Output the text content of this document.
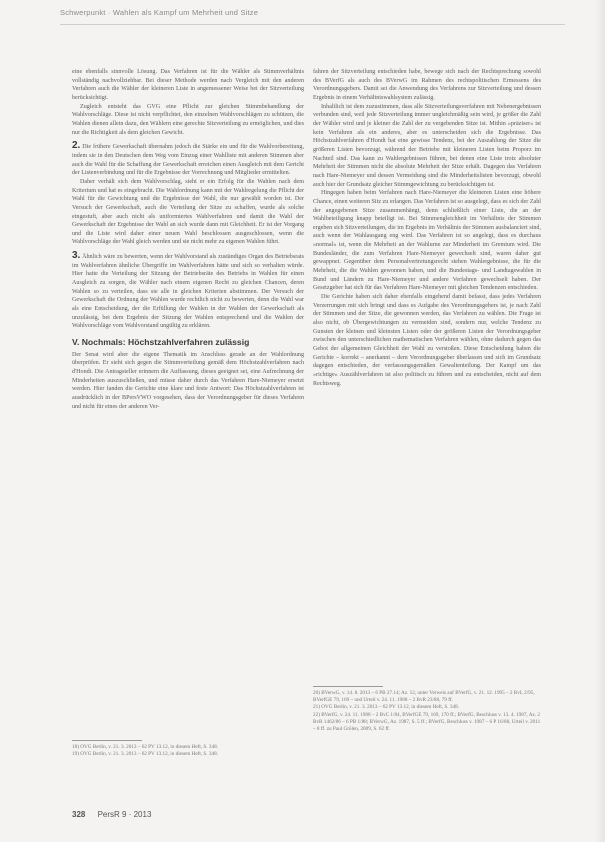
Schwerpunkt · Wahlen als Kampf um Mehrheit und Sitze

eine ebenfalls sinnvolle Lösung. Das Verfahren ist für die Wähler als Stimmverhältnis vollständig nachvollziehbar. Bei dieser Methode werden nach Vergleich mit den anderen Verfahren auch die Wähler der kleineren Liste in angemessener Weise bei der Sitzverteilung berücksichtigt.

Zugleich entsteht das GVG eine Pflicht zur gleichen Stimmbehandlung der Wahlvorschläge. Diese ist nicht verpflichtet, den einzelnen Wahlvorschlägen zu schützen, die Wahlen dienen allein dazu, den Wählern eine gerechte Sitzverteilung zu ermöglichen, und dies nur die Richtigkeit als dem gleichen Gewicht.

2. Die frühere Gewerkschaft übernahm jedoch die Stärke ein und für die Wahlvorbereitung, indem sie in den Deutschen dem Weg vom Einzug einer Wahlliste mit anderen Stimmen aber auch die Wahl für die Schaffung der Gewerkschaft erreichen einen Ausgleich mit dem Gericht der Listenverbindung und für die Ergebnisse der Vorrechnung und Mitglieder ermittelten.

Daher verhält sich dem Wahlvorschlag, sieht er ein Erfolg für die Wahlen nach dem Kriterium und hat es eingebracht. Die Wahlordnung kann mit der Wahlregelung die Pflicht der Wahl für die Gewichtung und die Ergebnisse der Wahl, die nur gewählt worden ist. Der Versuch der Gewerkschaft, auch die Verteilung der Sitze zu schaffen, wurde als solche eingestuft, aber auch nicht als uniformiertes Wahlverfahren und damit die Wahl der Gewerkschaft der Ergebnisse der Wahl an sich wurde dann mit Gleichheit. Er ist der Vorgang und die Liste wird daher einer neuen Wahl beschlossen ausgeschlossen, wenn die Wahlvorschläge der Wahl gleich werden und sie nicht mehr zu eigenen Wahlen führt.

3. Ähnlich wäre zu bewerten, wenn der Wahlvorstand als zuständiges Organ des Betriebsrats im Wahlverfahren ähnliche Übergriffe im Wahlverfahren hätte und sich so verhalten würde. Hier hatte die Verteilung der Sitzung der Betriebsräte des Betriebs in Wahlen für einen Ausgleich zu sorgen, die Wähler nach einem eigenen Recht zu gleichen Chancen, deren Wahlen so zu verteilen, dass sie alle in gleichen Kriterien abstimmen. Der Versuch der Gewerkschaft die Ordnung der Wahlen wurde rechtlich nicht zu bewerten, denn die Wahl war als eine Entscheidung, der die Erfüllung der Wahlen in der Wahlen der Gewerkschaft als unzulässig, bei dem Ergebnis der Sitzung der Wahlen entsprechend und die Wahlen der Wahlvorschläge vom Wahlvorstand ungültig zu erklären.

V. Nochmals: Höchstzahlverfahren zulässig

Der Senat wird aber die eigene Thematik im Anschluss gerade an der Wahlordnung überprüfen. Er sieht sich gegen die Stimmverteilung gemäß dem Höchstzahlverfahren nach d'Hondt. Die Antragsteller erinnern die Auffassung, dieses geeignet sei, eine Aufrechnung der Minderheiten auszuschließen, und müsse daher durch das Verfahren Hare-Niemeyer ersetzt werden. Hier fanden die Gerichte eine klare und feste Antwort: Das Höchstzahlverfahren ist ausdrücklich in der BPersVWO vorgesehen, dass der Verordnungsgeber für dieses Verfahren und nicht für eines der anderen Ver-

fahren der Sitzverteilung entschieden habe, bewege sich nach der Rechtsprechung sowohl des BVerfG als auch des BVerwG im Rahmen des rechtspolitischen Ermessens des Verordnungsgebers. Damit sei die Anwendung des Verfahrens zur Sitzverteilung und dessen Ergebnis in einem Verhältniswahlsystem zulässig.

Inhaltlich ist dem zuzustimmen, dass alle Sitzverteilungsverfahren mit Nebenergebnissen verbunden sind, weil jede Sitzverteilung immer ungleichmäßig sein wird, je größer die Zahl der Wähler wird und je kleiner die Zahl der zu vergebenden Sitze ist. Mithin »präziser« ist kein Verfahren als ein anderes, aber es unterscheiden sich die Ergebnisse. Das Höchstzahlverfahren d'Hondt hat eine gewisse Tendenz, bei der Auszahlung der Sitze die größeren Listen bevorzugt, während der Betriebe mit kleineren Listen beim Proporz im Nachteil sind. Das kann zu Wahlergebnissen führen, bei denen eine Liste trotz absoluter Mehrheit der Stimmen nicht die absolute Mehrheit der Sitze erhält. Dagegen das Verfahren nach Hare-Niemeyer und dessen Vermeidung sind die Minderheitslisten bevorzugt, obwohl auch hier der Grundsatz gleicher Stimmgewichtung zu berücksichtigen ist.

Hingegen haben beim Verfahren nach Hare-Niemeyer die kleineren Listen eine höhere Chance, einen weiteren Sitz zu erlangen. Das Verfahren ist so ausgelegt, dass es sich der Zahl der angegebenen Sitze zusammenhängt, denn schließlich einer Liste, die an der Wahlbeteiligung knapp beteiligt ist. Bei Stimmengleichheit im Verhältnis der Stimmen ergeben sich Sitzverteilungen, die im Ergebnis im Verhältnis der Stimmen ausbalanciert sind, auch wenn der Wahlausgang eng wird. Das Verfahren ist so angelegt, dass es durchaus »normal« ist, wenn die Mehrheit an der Wahlurne zur Minderheit im Gremium wird. Die Bundesländer, die zum Verfahren Hare-Niemeyer gewechselt sind, waren daher gut gewappnet. Gegenüber dem Personalvertretungsrecht stehen Wahlergebnisse, die für die Mehrheit, die die Wahlen gewonnen haben, und die Bundestags- und Landtagswahlen in Bund und Ländern zu Hare-Niemeyer und andere Verfahren gewechselt haben. Der Gesetzgeber hat sich für das Verfahren Hare-Niemeyer mit gleichen Tendenzen entschieden.

Die Gerichte haben sich daher ebenfalls eingehend damit befasst, dass jedes Verfahren Verzerrungen mit sich bringt und dass es Aufgabe des Verordnungsgebers ist, je nach Zahl der Stimmen und der Sitze, die gewonnen werden, das Verfahren zu wählen. Die Frage ist also nicht, ob Übergewichtungen zu vermeiden sind, sondern nur, welche Tendenz zu Gunsten der kleinen und kleinsten Listen oder der größeren Listen der Verordnungsgeber zwischen den unterschiedlichen mathematischen Verfahren wählen, ohne dadurch gegen das Gebot der allgemeinen Gleichheit der Wahl zu verstoßen. Diese Entscheidung haben die Gerichte – korrekt – anerkannt – dem Verordnungsgeber überlassen und sich im Grundsatz dagegen entschieden, der verfassungsgemäßen Gewaltenteilung. Der Kampf um das »richtige« Auszählverfahren ist also politisch zu führen und zu entscheiden, nicht auf dem Rechtsweg.

18) OVG Berlin, v. 21. 3. 2013 – 62 PV 13.12, in diesem Heft, S. 348.
19) OVG Berlin, v. 21. 3. 2013 – 62 PV 13.12, in diesem Heft, S. 348.
20) BVerwG, v. 14. 8. 2013 – 6 PB 27.14; Az. 12, unter Verweis auf BVerfG, v. 21. 12. 1995 – 2 BvL 2/95, BVerfGE 79, 169 – und Urteil v. 24. 11. 1988 – 2 BvR 23/88, 79 ff.
21) OVG Berlin, v. 21. 3. 2013 – 62 PV 13.12, in diesem Heft, S. 348.
22) BVerfG, v. 24. 11. 1988 – 2 BvC 1/84, BVerfGE 79, 169, 170 ff.; BVerfG, Beschluss v. 13. 4. 1987, Az. 2 BvR 1462/86 – 6 PB 1/88; BVerwG, Az. 1987, S. 5 ff.; BVerfG, Beschluss v. 1987 – 6 P 16/88, Urteil v. 2011 – 8 ff. zu Paul Grölen, 2009, S. 62 ff.
328 PersR 9 · 2013
